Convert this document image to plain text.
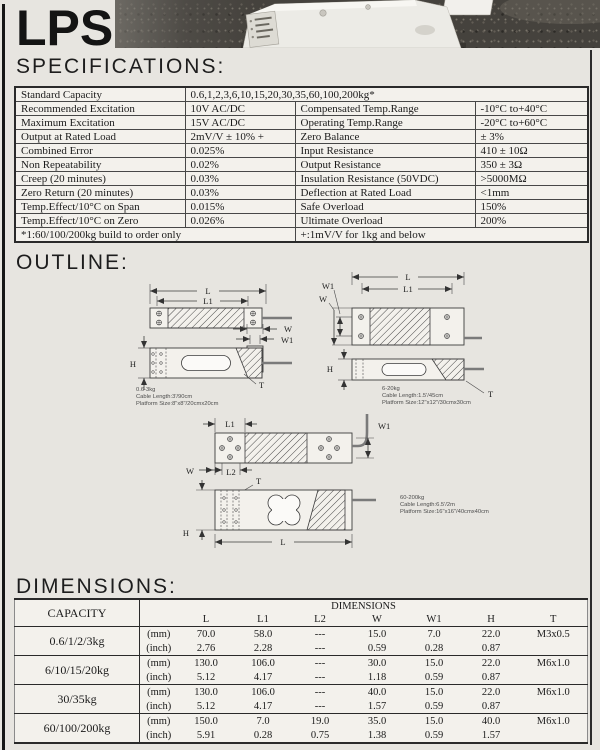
LPS
SPECIFICATIONS:
Standard Capacity	0.6,1,2,3,6,10,15,20,30,35,60,100,200kg*		
Recommended Excitation	10V AC/DC	Compensated Temp.Range	-10°C to+40°C
Maximum Excitation	15V AC/DC	Operating Temp.Range	-20°C to+60°C
Output at Rated Load	2mV/V ± 10% +	Zero Balance	± 3%
Combined Error	0.025%	Input Resistance	410 ± 10Ω
Non Repeatability	0.02%	Output Resistance	350 ± 3Ω
Creep (20 minutes)	0.03%	Insulation Resistance (50VDC)	>5000MΩ
Zero Return (20 minutes)	0.03%	Deflection at Rated Load	<1mm
Temp.Effect/10°C on Span	0.015%	Safe Overload	150%
Temp.Effect/10°C on Zero	0.026%	Ultimate Overload	200%
*1:60/100/200kg build to order only		+:1mV/V for 1kg and below	
OUTLINE:
L
L1
W
W1
H
T
0.6-3kg
Cable Length:3'/90cm
Platform Size:8"x8"/20cmx20cm
L
L1
W1
W
H
T
6-20kg
Cable Length:1.5'/45cm
Platform Size:12"x12"/30cmx30cm
L1	W1
W	L2
T
H
L
60-200kg
Cable Length:6.5'/2m
Platform Size:16"x16"/40cmx40cm
DIMENSIONS:
CAPACITY	DIMENSIONS							
		L	L1	L2	W	W1	H	T
0.6/1/2/3kg	(mm)	70.0	58.0	---	15.0	7.0	22.0	M3x0.5
	(inch)	2.76	2.28	---	0.59	0.28	0.87	
6/10/15/20kg	(mm)	130.0	106.0	---	30.0	15.0	22.0	M6x1.0
	(inch)	5.12	4.17	---	1.18	0.59	0.87	
30/35kg	(mm)	130.0	106.0	---	40.0	15.0	22.0	M6x1.0
	(inch)	5.12	4.17	---	1.57	0.59	0.87	
60/100/200kg	(mm)	150.0	7.0	19.0	35.0	15.0	40.0	M6x1.0
	(inch)	5.91	0.28	0.75	1.38	0.59	1.57	
